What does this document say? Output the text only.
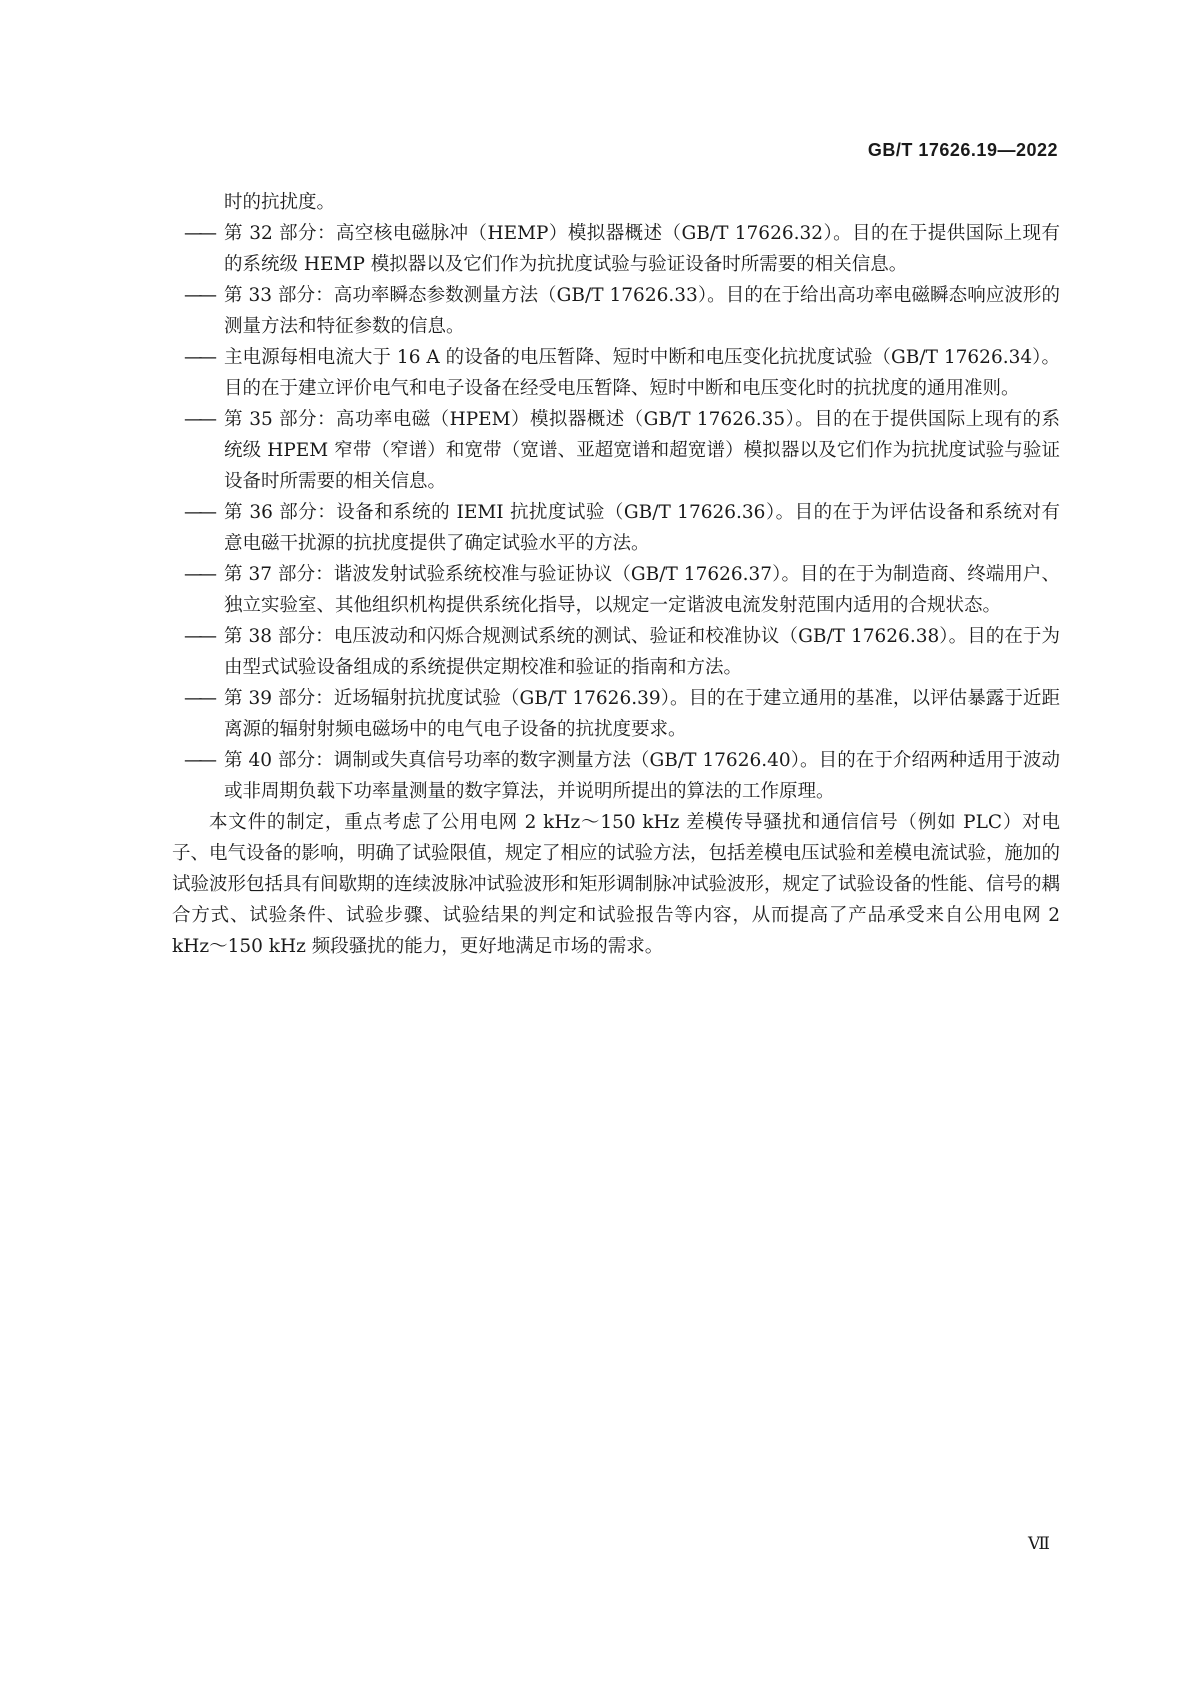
GB/T 17626.19—2022

时的抗扰度。

—— 第 32 部分：高空核电磁脉冲（HEMP）模拟器概述（GB/T 17626.32）。目的在于提供国际上现有的系统级 HEMP 模拟器以及它们作为抗扰度试验与验证设备时所需要的相关信息。

—— 第 33 部分：高功率瞬态参数测量方法（GB/T 17626.33）。目的在于给出高功率电磁瞬态响应波形的测量方法和特征参数的信息。

—— 主电源每相电流大于 16 A 的设备的电压暂降、短时中断和电压变化抗扰度试验（GB/T 17626.34）。目的在于建立评价电气和电子设备在经受电压暂降、短时中断和电压变化时的抗扰度的通用准则。

—— 第 35 部分：高功率电磁（HPEM）模拟器概述（GB/T 17626.35）。目的在于提供国际上现有的系统级 HPEM 窄带（窄谱）和宽带（宽谱、亚超宽谱和超宽谱）模拟器以及它们作为抗扰度试验与验证设备时所需要的相关信息。

—— 第 36 部分：设备和系统的 IEMI 抗扰度试验（GB/T 17626.36）。目的在于为评估设备和系统对有意电磁干扰源的抗扰度提供了确定试验水平的方法。

—— 第 37 部分：谐波发射试验系统校准与验证协议（GB/T 17626.37）。目的在于为制造商、终端用户、独立实验室、其他组织机构提供系统化指导，以规定一定谐波电流发射范围内适用的合规状态。

—— 第 38 部分：电压波动和闪烁合规测试系统的测试、验证和校准协议（GB/T 17626.38）。目的在于为由型式试验设备组成的系统提供定期校准和验证的指南和方法。

—— 第 39 部分：近场辐射抗扰度试验（GB/T 17626.39）。目的在于建立通用的基准，以评估暴露于近距离源的辐射射频电磁场中的电气电子设备的抗扰度要求。

—— 第 40 部分：调制或失真信号功率的数字测量方法（GB/T 17626.40）。目的在于介绍两种适用于波动或非周期负载下功率量测量的数字算法，并说明所提出的算法的工作原理。

本文件的制定，重点考虑了公用电网 2 kHz～150 kHz 差模传导骚扰和通信信号（例如 PLC）对电子、电气设备的影响，明确了试验限值，规定了相应的试验方法，包括差模电压试验和差模电流试验，施加的试验波形包括具有间歇期的连续波脉冲试验波形和矩形调制脉冲试验波形，规定了试验设备的性能、信号的耦合方式、试验条件、试验步骤、试验结果的判定和试验报告等内容，从而提高了产品承受来自公用电网 2 kHz～150 kHz 频段骚扰的能力，更好地满足市场的需求。

Ⅶ
